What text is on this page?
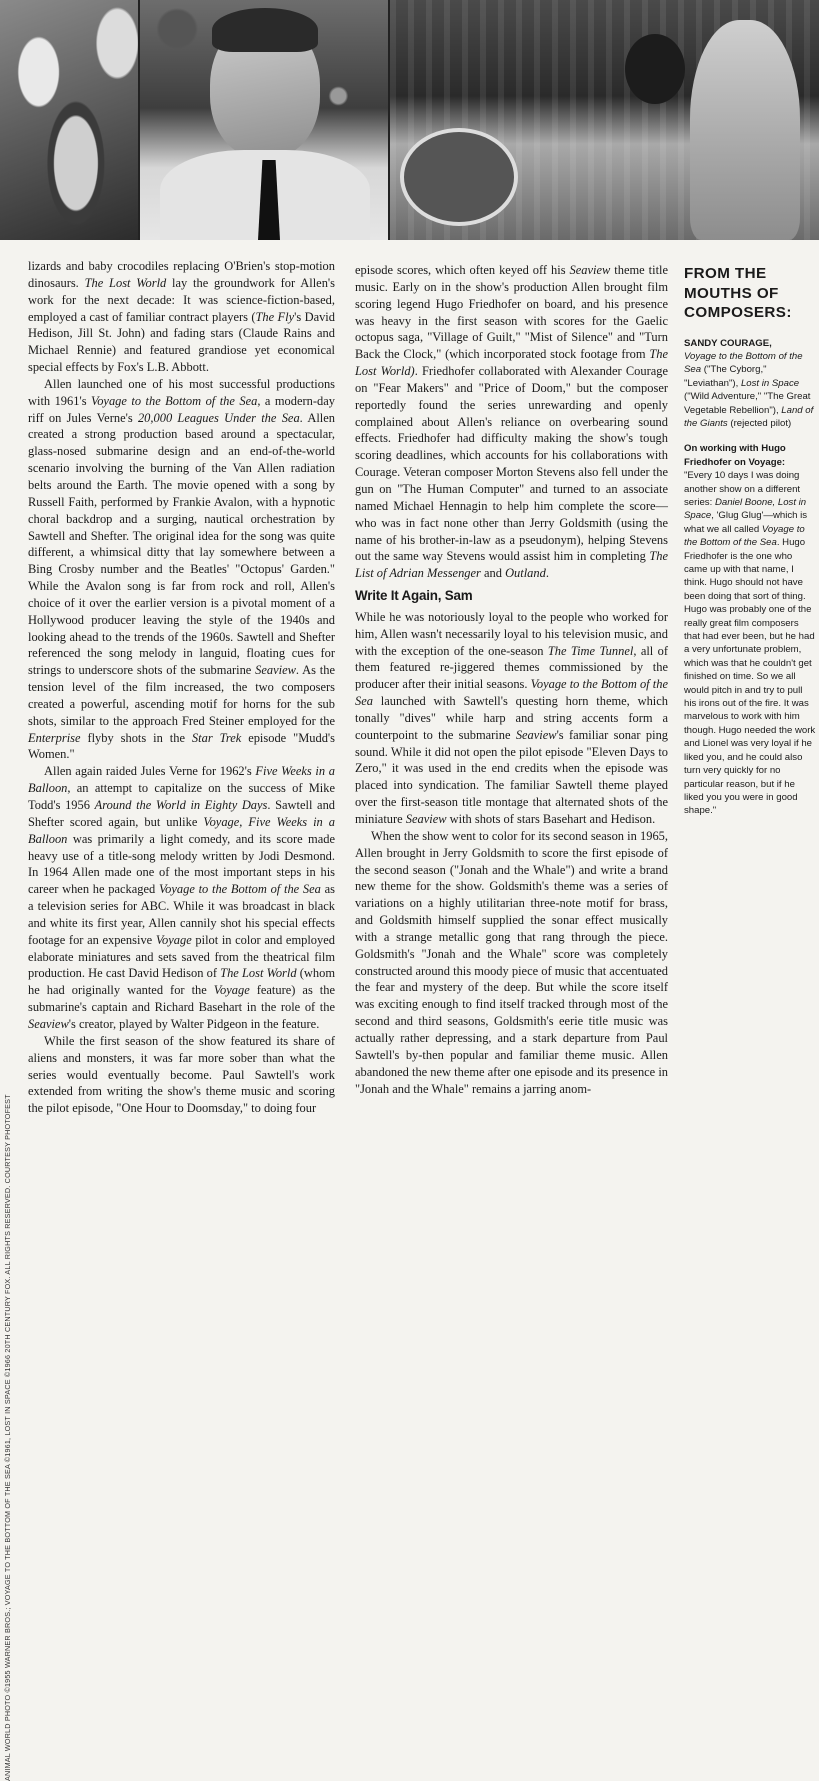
ANIMAL WORLD PHOTO ©1955 WARNER BROS.; VOYAGE TO THE BOTTOM OF THE SEA ©1961, LOST IN SPACE ©1966 20TH CENTURY FOX. ALL RIGHTS RESERVED. COURTESY PHOTOFEST

lizards and baby crocodiles replacing O'Brien's stop-motion dinosaurs. The Lost World lay the groundwork for Allen's work for the next decade: It was science-fiction-based, employed a cast of familiar contract players (The Fly's David Hedison, Jill St. John) and fading stars (Claude Rains and Michael Rennie) and featured grandiose yet economical special effects by Fox's L.B. Abbott.

Allen launched one of his most successful productions with 1961's Voyage to the Bottom of the Sea, a modern-day riff on Jules Verne's 20,000 Leagues Under the Sea. Allen created a strong production based around a spectacular, glass-nosed submarine design and an end-of-the-world scenario involving the burning of the Van Allen radiation belts around the Earth. The movie opened with a song by Russell Faith, performed by Frankie Avalon, with a hypnotic choral backdrop and a surging, nautical orchestration by Sawtell and Shefter. The original idea for the song was quite different, a whimsical ditty that lay somewhere between a Bing Crosby number and the Beatles' "Octopus' Garden." While the Avalon song is far from rock and roll, Allen's choice of it over the earlier version is a pivotal moment of a Hollywood producer leaving the style of the 1940s and looking ahead to the trends of the 1960s. Sawtell and Shefter referenced the song melody in languid, floating cues for strings to underscore shots of the submarine Seaview. As the tension level of the film increased, the two composers created a powerful, ascending motif for horns for the sub shots, similar to the approach Fred Steiner employed for the Enterprise flyby shots in the Star Trek episode "Mudd's Women."

Allen again raided Jules Verne for 1962's Five Weeks in a Balloon, an attempt to capitalize on the success of Mike Todd's 1956 Around the World in Eighty Days. Sawtell and Shefter scored again, but unlike Voyage, Five Weeks in a Balloon was primarily a light comedy, and its score made heavy use of a title-song melody written by Jodi Desmond. In 1964 Allen made one of the most important steps in his career when he packaged Voyage to the Bottom of the Sea as a television series for ABC. While it was broadcast in black and white its first year, Allen cannily shot his special effects footage for an expensive Voyage pilot in color and employed elaborate miniatures and sets saved from the theatrical film production. He cast David Hedison of The Lost World (whom he had originally wanted for the Voyage feature) as the submarine's captain and Richard Basehart in the role of the Seaview's creator, played by Walter Pidgeon in the feature.

While the first season of the show featured its share of aliens and monsters, it was far more sober than what the series would eventually become. Paul Sawtell's work extended from writing the show's theme music and scoring the pilot episode, "One Hour to Doomsday," to doing four

episode scores, which often keyed off his Seaview theme title music. Early on in the show's production Allen brought film scoring legend Hugo Friedhofer on board, and his presence was heavy in the first season with scores for the Gaelic octopus saga, "Village of Guilt," "Mist of Silence" and "Turn Back the Clock," (which incorporated stock footage from The Lost World). Friedhofer collaborated with Alexander Courage on "Fear Makers" and "Price of Doom," but the composer reportedly found the series unrewarding and openly complained about Allen's reliance on overbearing sound effects. Friedhofer had difficulty making the show's tough scoring deadlines, which accounts for his collaborations with Courage. Veteran composer Morton Stevens also fell under the gun on "The Human Computer" and turned to an associate named Michael Hennagin to help him complete the score—who was in fact none other than Jerry Goldsmith (using the name of his brother-in-law as a pseudonym), helping Stevens out the same way Stevens would assist him in completing The List of Adrian Messenger and Outland.

Write It Again, Sam

While he was notoriously loyal to the people who worked for him, Allen wasn't necessarily loyal to his television music, and with the exception of the one-season The Time Tunnel, all of them featured re-jiggered themes commissioned by the producer after their initial seasons. Voyage to the Bottom of the Sea launched with Sawtell's questing horn theme, which tonally "dives" while harp and string accents form a counterpoint to the submarine Seaview's familiar sonar ping sound. While it did not open the pilot episode "Eleven Days to Zero," it was used in the end credits when the episode was placed into syndication. The familiar Sawtell theme played over the first-season title montage that alternated shots of the miniature Seaview with shots of stars Basehart and Hedison.

When the show went to color for its second season in 1965, Allen brought in Jerry Goldsmith to score the first episode of the second season ("Jonah and the Whale") and write a brand new theme for the show. Goldsmith's theme was a series of variations on a highly utilitarian three-note motif for brass, and Goldsmith himself supplied the sonar effect musically with a strange metallic gong that rang through the piece. Goldsmith's "Jonah and the Whale" score was completely constructed around this moody piece of music that accentuated the fear and mystery of the deep. But while the score itself was exciting enough to find itself tracked through most of the second and third seasons, Goldsmith's eerie title music was actually rather depressing, and a stark departure from Paul Sawtell's by-then popular and familiar theme music. Allen abandoned the new theme after one episode and its presence in "Jonah and the Whale" remains a jarring anom-

FROM THE
MOUTHS OF
COMPOSERS:
SANDY COURAGE,
Voyage to the Bottom of the Sea ("The Cyborg," "Leviathan"), Lost in Space ("Wild Adventure," "The Great Vegetable Rebellion"), Land of the Giants (rejected pilot)
On working with Hugo Friedhofer on Voyage:
"Every 10 days I was doing another show on a different series: Daniel Boone, Lost in Space, 'Glug Glug'—which is what we all called Voyage to the Bottom of the Sea. Hugo Friedhofer is the one who came up with that name, I think. Hugo should not have been doing that sort of thing. Hugo was probably one of the really great film composers that had ever been, but he had a very unfortunate problem, which was that he couldn't get finished on time. So we all would pitch in and try to pull his irons out of the fire. It was marvelous to work with him though. Hugo needed the work and Lionel was very loyal if he liked you, and he could also turn very quickly for no particular reason, but if he liked you you were in good shape."
